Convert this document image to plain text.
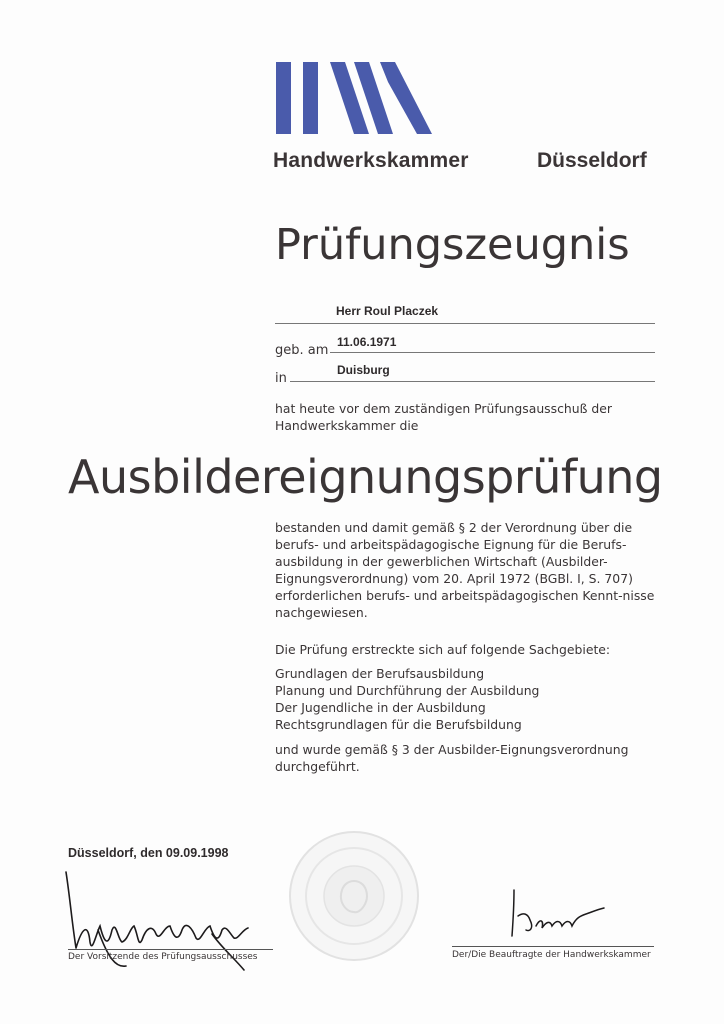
Handwerkskammer	Düsseldorf
Prüfungszeugnis
Herr Roul Placzek
geb. am
11.06.1971
in
Duisburg
hat heute vor dem zuständigen Prüfungsausschuß der Handwerkskammer die
Ausbildereignungsprüfung
bestanden und damit gemäß § 2 der Verordnung über die berufs- und arbeitspädagogische Eignung für die Berufs-ausbildung in der gewerblichen Wirtschaft (Ausbilder-Eignungsverordnung) vom 20. April 1972 (BGBl. I, S. 707) erforderlichen berufs- und arbeitspädagogischen Kennt-nisse nachgewiesen.
Die Prüfung erstreckte sich auf folgende Sachgebiete:
Grundlagen der Berufsausbildung
Planung und Durchführung der Ausbildung
Der Jugendliche in der Ausbildung
Rechtsgrundlagen für die Berufsbildung
und wurde gemäß § 3 der Ausbilder-Eignungsverordnung durchgeführt.
Düsseldorf, den 09.09.1998
Der Vorsitzende des Prüfungsausschusses	Der/Die Beauftragte der Handwerkskammer
